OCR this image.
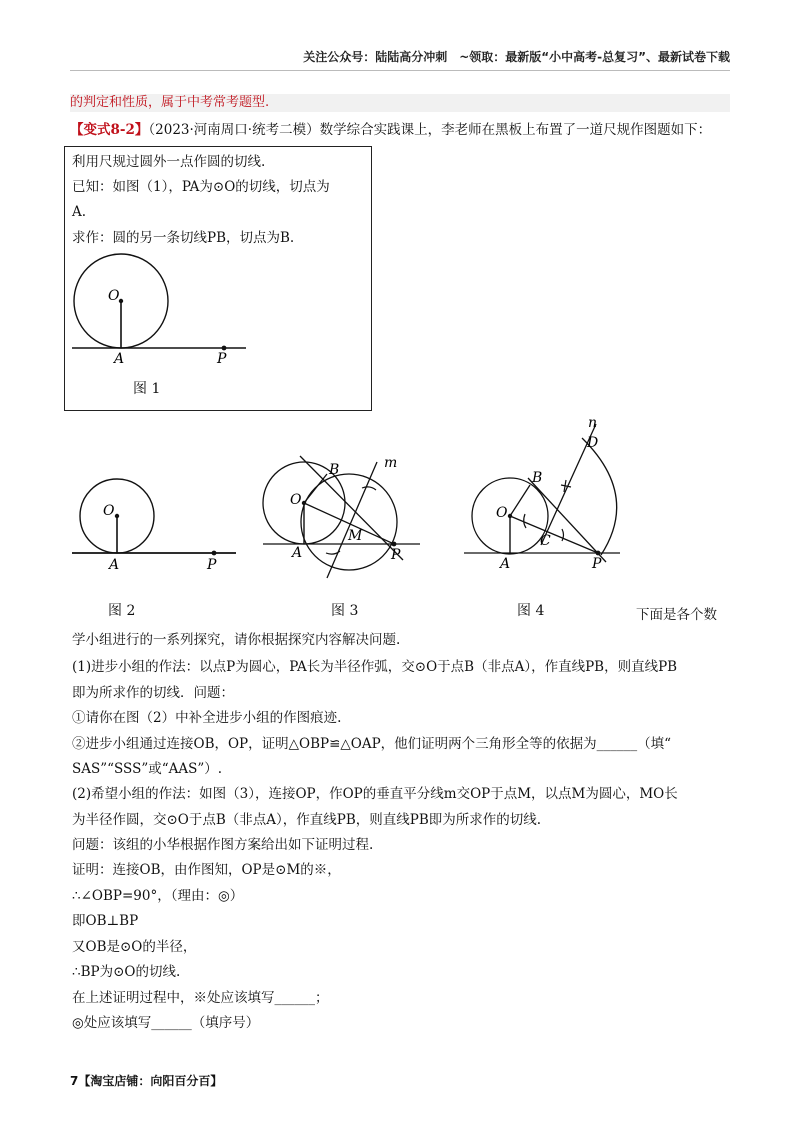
关注公众号：陆陆高分冲刺　~领取：最新版“小中高考-总复习”、最新试卷下载
的判定和性质，属于中考常考题型.
【变式8-2】（2023·河南周口·统考二模）数学综合实践课上，李老师在黑板上布置了一道尺规作图题如下：
利用尺规过圆外一点作圆的切线.
已知：如图（1），PA为⊙O的切线，切点为
A.
求作：圆的另一条切线PB，切点为B.
O
A	P
O
A	P
O
B
A
M
P
m
O
B
A	P
C
D
n
图 1
图 2	图 3	图 4	下面是各个数
学小组进行的一系列探究，请你根据探究内容解决问题.
(1)进步小组的作法：以点P为圆心，PA长为半径作弧，交⊙O于点B（非点A），作直线PB，则直线PB
即为所求作的切线．问题：
①请你在图（2）中补全进步小组的作图痕迹.
②进步小组通过连接OB，OP，证明△OBP≌△OAP，他们证明两个三角形全等的依据为______（填“
SAS”“SSS”或“AAS”）.
(2)希望小组的作法：如图（3），连接OP，作OP的垂直平分线m交OP于点M，以点M为圆心，MO长
为半径作圆，交⊙O于点B（非点A），作直线PB，则直线PB即为所求作的切线.
问题：该组的小华根据作图方案给出如下证明过程.
证明：连接OB，由作图知，OP是⊙M的※，
∴∠OBP=90°，（理由：◎）
即OB⊥BP
又OB是⊙O的半径，
∴BP为⊙O的切线.
在上述证明过程中，※处应该填写______；
◎处应该填写______（填序号）
7【淘宝店铺：向阳百分百】
